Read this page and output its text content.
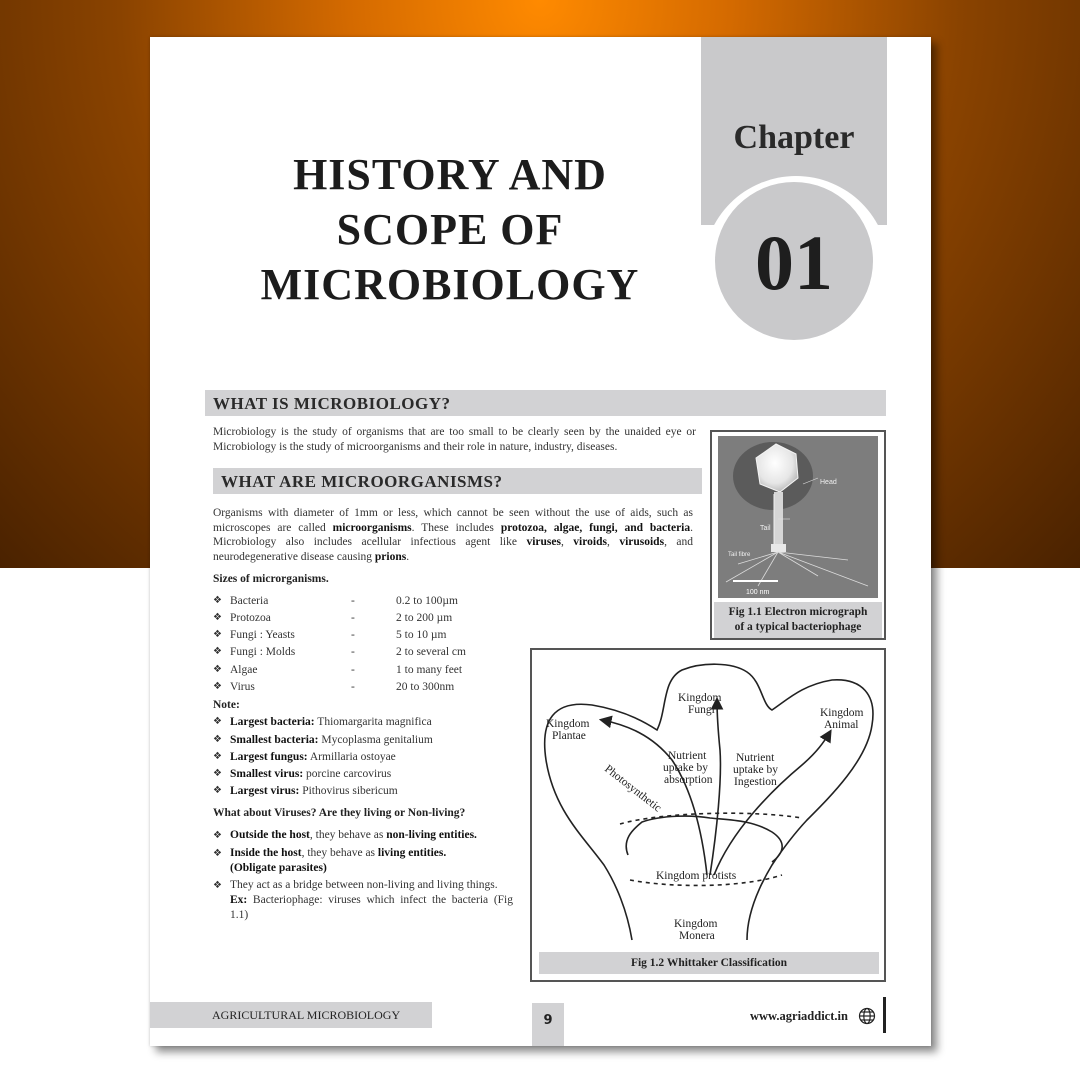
HISTORY AND
SCOPE OF
MICROBIOLOGY
Chapter
01
WHAT IS MICROBIOLOGY?
Microbiology is the study of organisms that are too small to be clearly seen by the unaided eye or Microbiology is the study of microorganisms and their role in nature, industry, diseases.
WHAT ARE MICROORGANISMS?
Organisms with diameter of 1mm or less, which cannot be seen without the use of aids, such as microscopes are called microorganisms. These includes protozoa, algae, fungi, and bacteria. Microbiology also includes acellular infectious agent like viruses, viroids, virusoids, and neurodegenerative disease causing prions.
Sizes of microrganisms.
❖ Bacteria	-	0.2 to 100µm
❖ Protozoa	-	2 to 200 µm
❖ Fungi : Yeasts	-	5 to 10 µm
❖ Fungi : Molds	-	2 to several cm
❖ Algae	-	1 to many feet
❖ Virus	-	20 to 300nm
Note:
❖ Largest bacteria: Thiomargarita magnifica
❖ Smallest bacteria: Mycoplasma genitalium
❖ Largest fungus: Armillaria ostoyae
❖ Smallest virus: porcine carcovirus
❖ Largest virus: Pithovirus sibericum
What about Viruses? Are they living or Non-living?
❖ Outside the host, they behave as non-living entities.
❖ Inside the host, they behave as living entities.
(Obligate parasites)
❖ They act as a bridge between non-living and living things.
Ex: Bacteriophage: viruses which infect the bacteria (Fig 1.1)
Head
Tail
Tail fibre
100 nm
Fig 1.1 Electron micrograph
of a typical bacteriophage
Kingdom
Plantae
Kingdom
Fungi	Kingdom
Animal
Kingdom protists
Kingdom
Monera
Photosynthetic
Nutrient
uptake by
absorption
Nutrient
uptake by
Ingestion
Fig 1.2 Whittaker Classification
AGRICULTURAL MICROBIOLOGY	9	www.agriaddict.in
